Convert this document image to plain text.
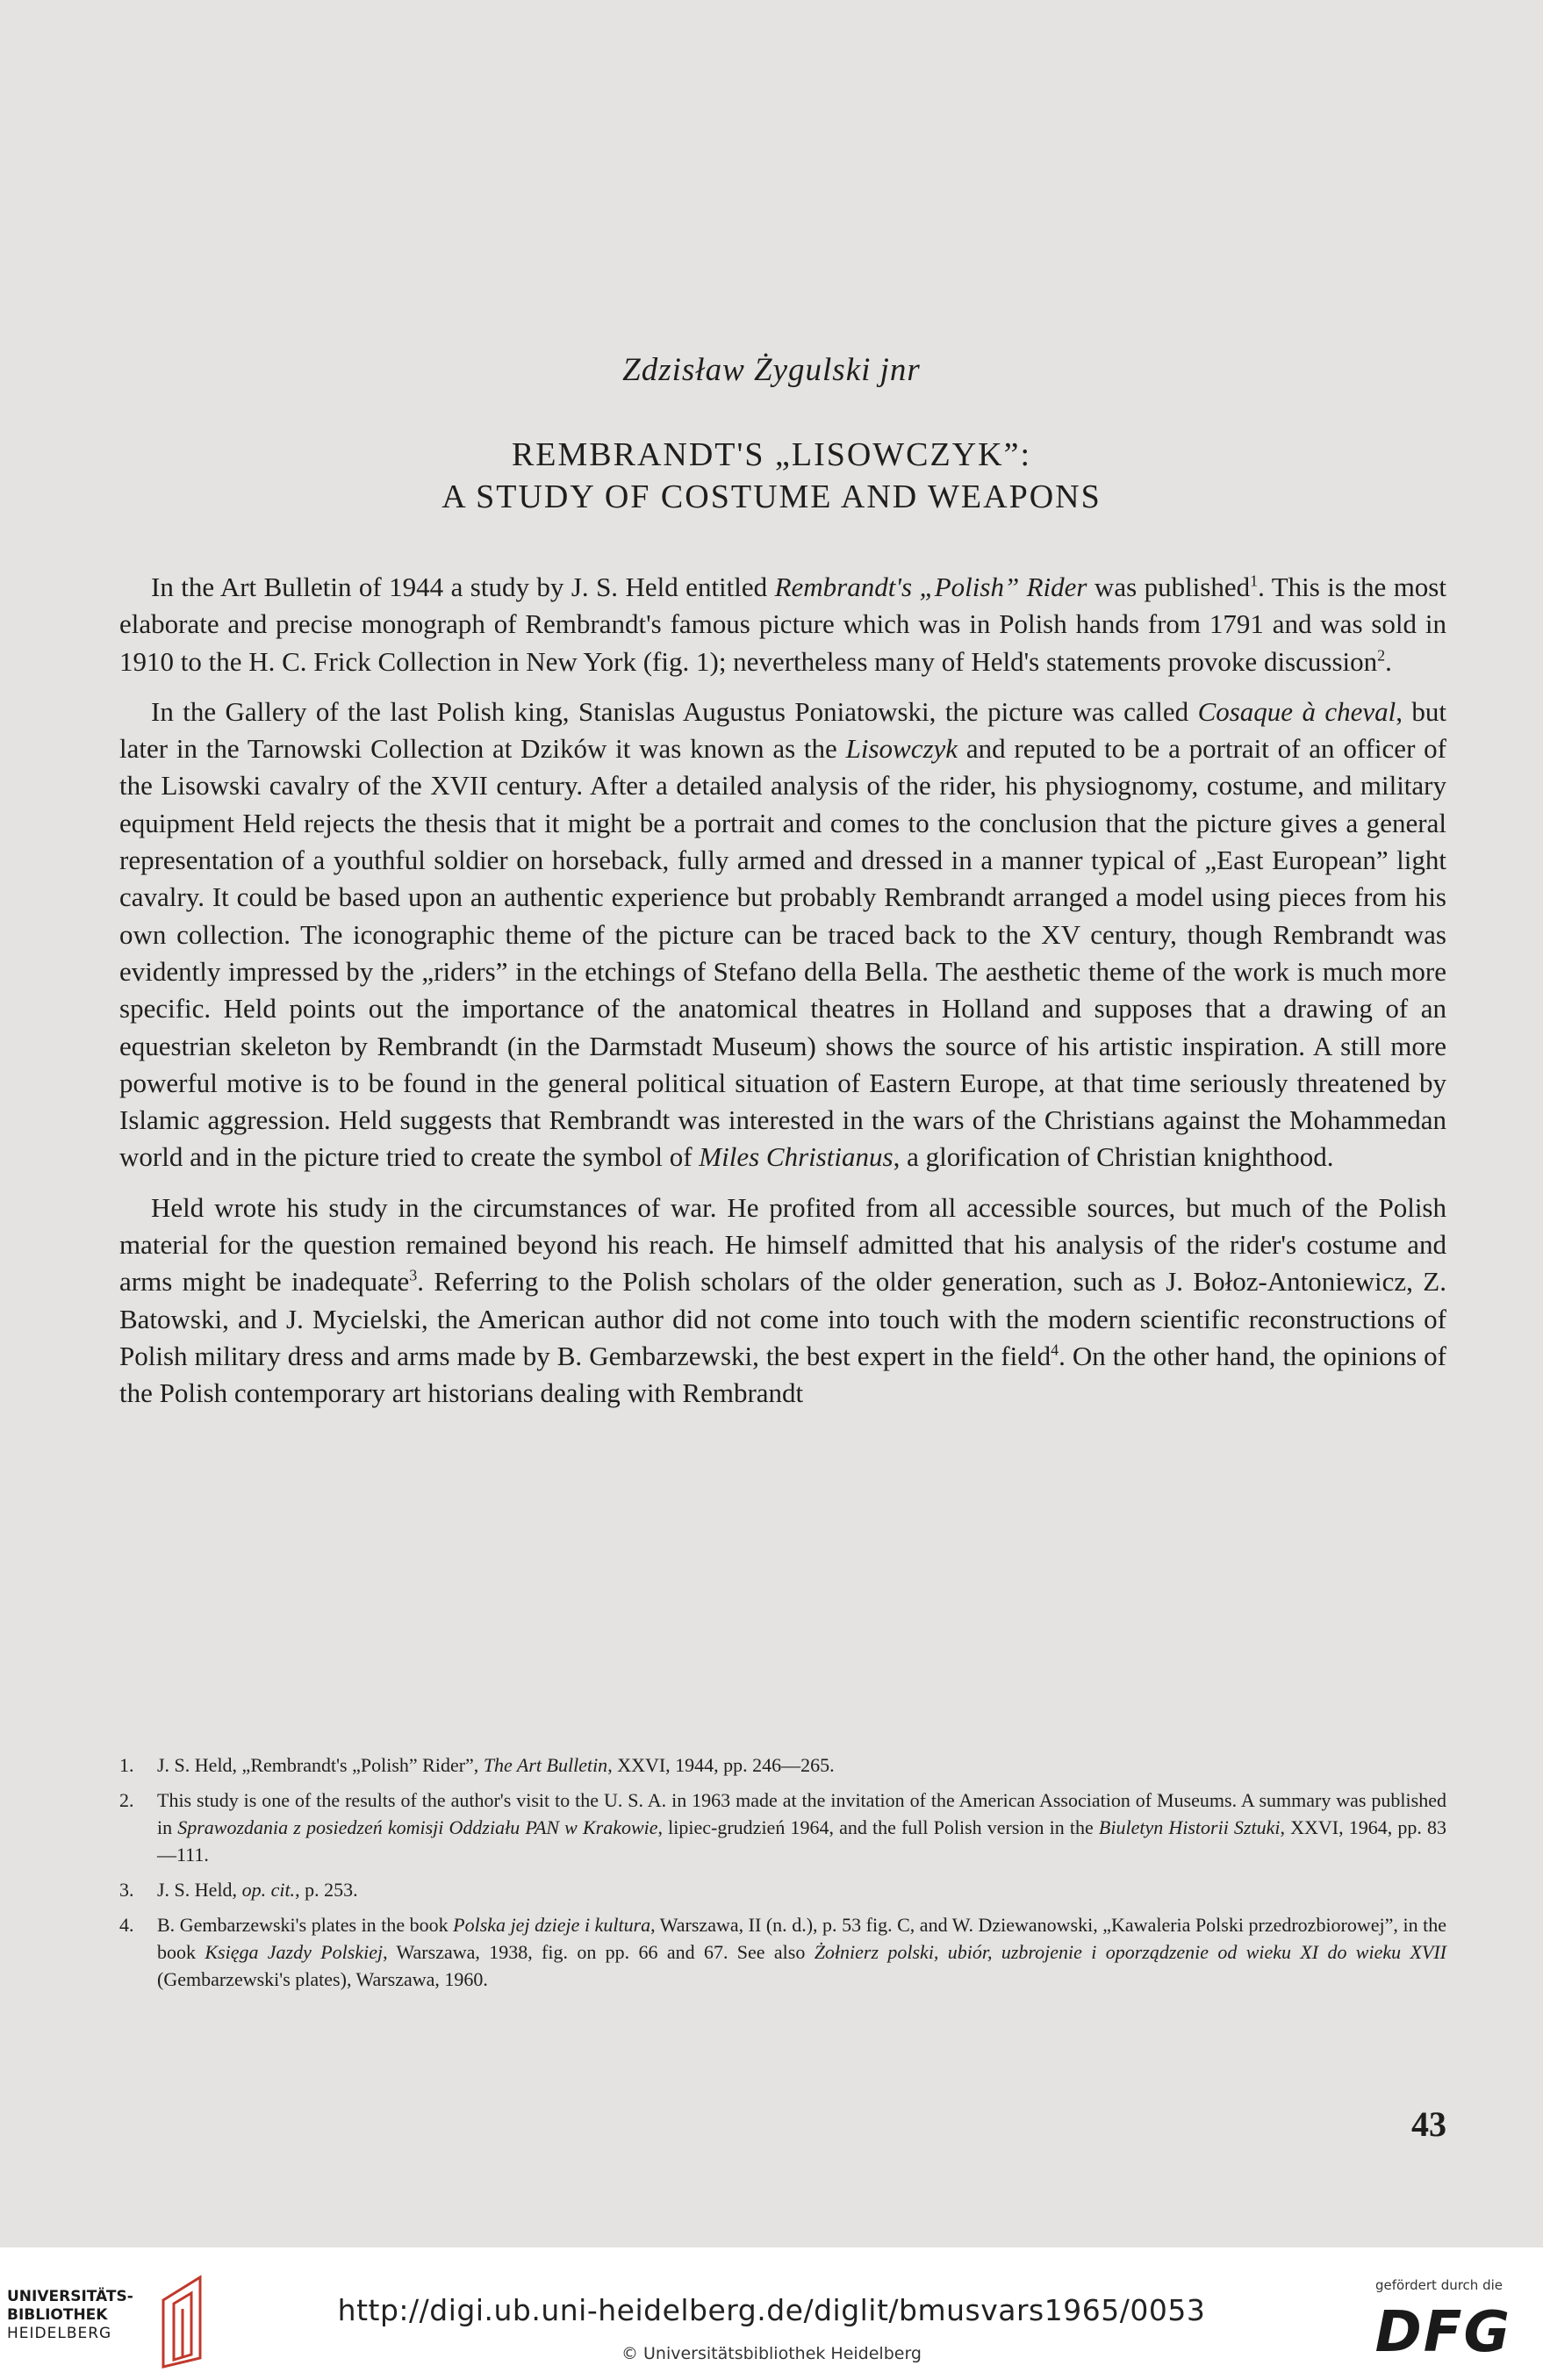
Zdzisław Żygulski jnr
REMBRANDT'S „LISOWCZYK”:
A STUDY OF COSTUME AND WEAPONS

In the Art Bulletin of 1944 a study by J. S. Held entitled Rembrandt's „Polish” Rider was published$^1$. This is the most elaborate and precise monograph of Rembrandt's famous picture which was in Polish hands from 1791 and was sold in 1910 to the H. C. Frick Collection in New York (fig. 1); nevertheless many of Held's statements provoke discussion$^2$.

In the Gallery of the last Polish king, Stanislas Augustus Poniatowski, the picture was called Cosaque à cheval, but later in the Tarnowski Collection at Dzików it was known as the Lisowczyk and reputed to be a portrait of an officer of the Lisowski cavalry of the XVII century. After a detailed analysis of the rider, his physiognomy, costume, and military equipment Held rejects the thesis that it might be a portrait and comes to the conclusion that the picture gives a general representation of a youthful soldier on horseback, fully armed and dressed in a manner typical of „East European” light cavalry. It could be based upon an authentic experience but probably Rembrandt arranged a model using pieces from his own collection. The iconographic theme of the picture can be traced back to the XV century, though Rembrandt was evidently impressed by the „riders” in the etchings of Stefano della Bella. The aesthetic theme of the work is much more specific. Held points out the importance of the anatomical theatres in Holland and supposes that a drawing of an equestrian skeleton by Rembrandt (in the Darmstadt Museum) shows the source of his artistic inspiration. A still more powerful motive is to be found in the general political situation of Eastern Europe, at that time seriously threatened by Islamic aggression. Held suggests that Rembrandt was interested in the wars of the Christians against the Mohammedan world and in the picture tried to create the symbol of Miles Christianus, a glorification of Christian knighthood.

Held wrote his study in the circumstances of war. He profited from all accessible sources, but much of the Polish material for the question remained beyond his reach. He himself admitted that his analysis of the rider's costume and arms might be inadequate$^3$. Referring to the Polish scholars of the older generation, such as J. Bołoz-Antoniewicz, Z. Batowski, and J. Mycielski, the American author did not come into touch with the modern scientific reconstructions of Polish military dress and arms made by B. Gembarzewski, the best expert in the field$^4$. On the other hand, the opinions of the Polish contemporary art historians dealing with Rembrandt

1. J. S. Held, „Rembrandt's „Polish” Rider”, The Art Bulletin, XXVI, 1944, pp. 246—265.
2. This study is one of the results of the author's visit to the U. S. A. in 1963 made at the invitation of the American Association of Museums. A summary was published in Sprawozdania z posiedzeń komisji Oddziału PAN w Krakowie, lipiec-grudzień 1964, and the full Polish version in the Biuletyn Historii Sztuki, XXVI, 1964, pp. 83—111.
3. J. S. Held, op. cit., p. 253.
4. B. Gembarzewski's plates in the book Polska jej dzieje i kultura, Warszawa, II (n. d.), p. 53 fig. C, and W. Dziewanowski, „Kawaleria Polski przedrozbiorowej”, in the book Księga Jazdy Polskiej, Warszawa, 1938, fig. on pp. 66 and 67. See also Żołnierz polski, ubiór, uzbrojenie i oporządzenie od wieku XI do wieku XVII (Gembarzewski's plates), Warszawa, 1960.
43
UNIVERSITÄTS-
BIBLIOTHEK
HEIDELBERG
http://digi.ub.uni-heidelberg.de/diglit/bmusvars1965/0053
© Universitätsbibliothek Heidelberg
gefördert durch die
DFG
